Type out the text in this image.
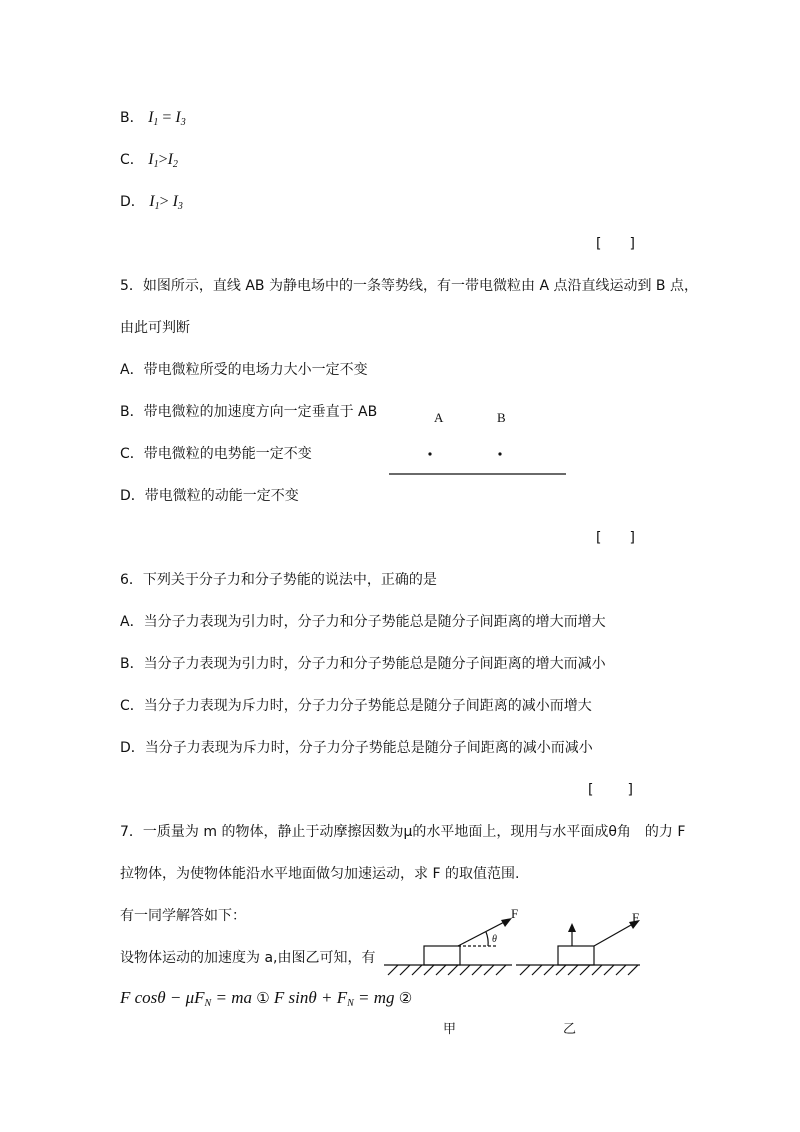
B． $I_1 = I_3$
C． $I_1>I_2$
D． $I_1> I_3$
[ ]
5．如图所示，直线 AB 为静电场中的一条等势线，有一带电微粒由 A 点沿直线运动到 B 点，
由此可判断
A．带电微粒所受的电场力大小一定不变
B．带电微粒的加速度方向一定垂直于 AB
C．带电微粒的电势能一定不变
D．带电微粒的动能一定不变
A	B
[ ]
6．下列关于分子力和分子势能的说法中，正确的是
A．当分子力表现为引力时，分子力和分子势能总是随分子间距离的增大而增大
B．当分子力表现为引力时，分子力和分子势能总是随分子间距离的增大而减小
C．当分子力表现为斥力时，分子力分子势能总是随分子间距离的减小而增大
D．当分子力表现为斥力时，分子力分子势能总是随分子间距离的减小而减小
[ ]
7．一质量为 m 的物体，静止于动摩擦因数为μ的水平地面上，现用与水平面成θ角　的力 F
拉物体，为使物体能沿水平地面做匀加速运动，求 F 的取值范围.
有一同学解答如下：
设物体运动的加速度为 a,由图乙可知，有
F $\cos\theta - \mu F_N$ = ma ① F $\sin\theta + F_N$ = mg ②
F
θ
甲
F
乙
